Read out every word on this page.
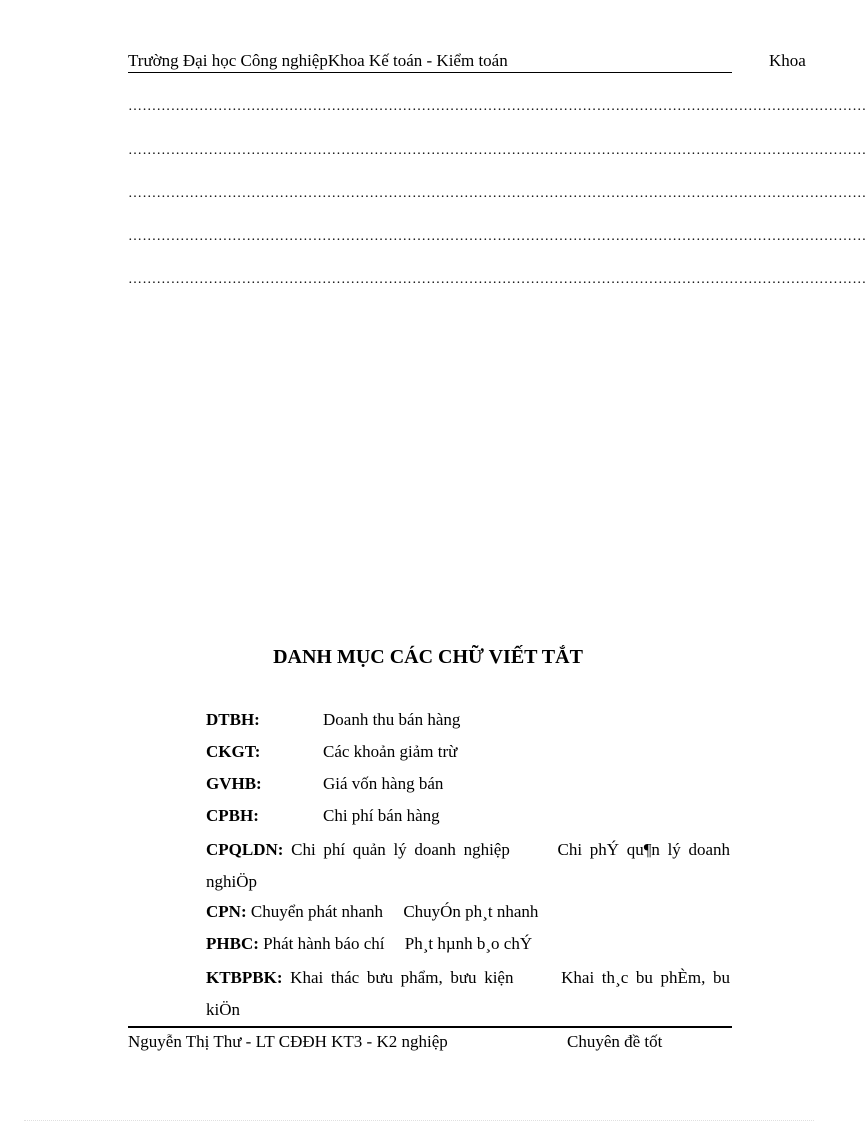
Trường Đại học Công nghiệpKhoa Kế toán - Kiểm toán	Khoa
…………………………………………………………………………………………………………………………………………
…………………………………………………………………………………………………………………………………………
…………………………………………………………………………………………………………………………………………
…………………………………………………………………………………………………………………………………………
…………………………………………………………………………………………………………………………………………
DANH MỤC CÁC CHỮ VIẾT TẮT
DTBH:	Doanh thu bán hàng
CKGT:	Các khoản giảm trừ
GVHB:	Giá vốn hàng bán
CPBH:	Chi phí bán hàng
CPQLDN: Chi phí quản lý doanh nghiệp	Chi phÝ qu¶n lý doanh nghiÖp
CPN: Chuyển phát nhanh ChuyÓn ph¸t nhanh
PHBC: Phát hành báo chí Ph¸t hµnh b¸o chÝ
KTBPBK: Khai thác bưu phẩm, bưu kiện	Khai th¸c bu phÈm, bu kiÖn
Nguyễn Thị Thư - LT CĐĐH KT3 - K2 nghiệp	Chuyên đề tốt
